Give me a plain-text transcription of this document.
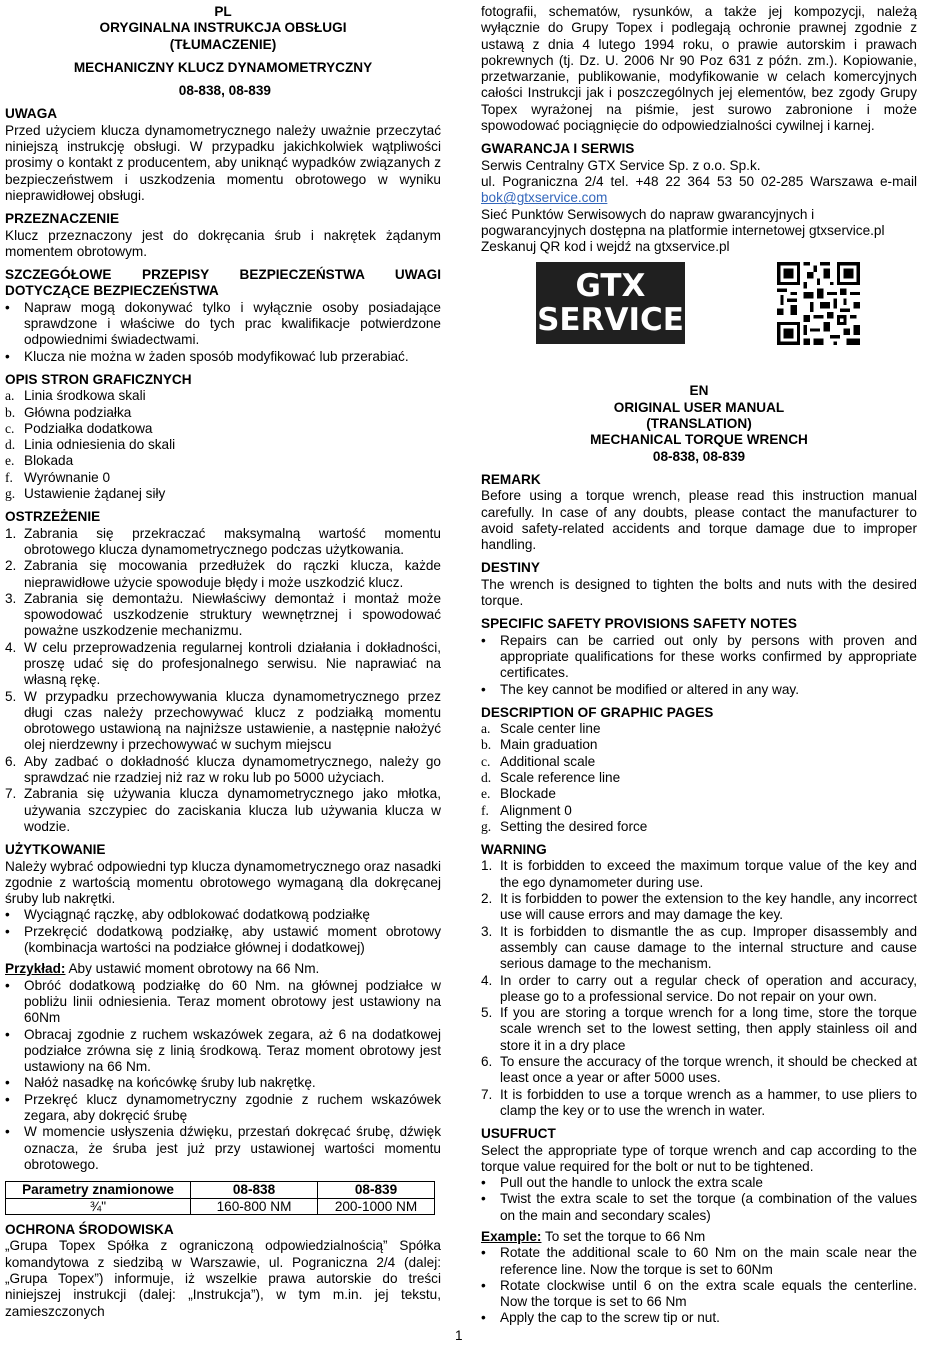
PL

ORYGINALNA INSTRUKCJA OBSŁUGI

(TŁUMACZENIE)

MECHANICZNY KLUCZ DYNAMOMETRYCZNY

08-838, 08-839

UWAGA

Przed użyciem klucza dynamometrycznego należy uważnie przeczytać niniejszą instrukcję obsługi. W przypadku jakichkolwiek wątpliwości prosimy o kontakt z producentem, aby uniknąć wypadków związanych z bezpieczeństwem i uszkodzenia momentu obrotowego w wyniku nieprawidłowej obsługi.

PRZEZNACZENIE

Klucz przeznaczony jest do dokręcania śrub i nakrętek żądanym momentem obrotowym.

SZCZEGÓŁOWE PRZEPISY BEZPIECZEŃSTWA UWAGI

DOTYCZĄCE BEZPIECZEŃSTWA

• Napraw mogą dokonywać tylko i wyłącznie osoby posiadające sprawdzone i właściwe do tych prac kwalifikacje potwierdzone odpowiednimi świadectwami.
• Klucza nie można w żaden sposób modyfikować lub przerabiać.

OPIS STRON GRAFICZNYCH

a. Linia środkowa skali
b. Główna podziałka
c. Podziałka dodatkowa
d. Linia odniesienia do skali
e. Blokada
f. Wyrównanie 0
g. Ustawienie żądanej siły

OSTRZEŻENIE

1. Zabrania się przekraczać maksymalną wartość momentu obrotowego klucza dynamometrycznego podczas użytkowania.
2. Zabrania się mocowania przedłużek do rączki klucza, każde nieprawidłowe użycie spowoduje błędy i może uszkodzić klucz.
3. Zabrania się demontażu. Niewłaściwy demontaż i montaż może spowodować uszkodzenie struktury wewnętrznej i spowodować poważne uszkodzenie mechanizmu.
4. W celu przeprowadzenia regularnej kontroli działania i dokładności, proszę udać się do profesjonalnego serwisu. Nie naprawiać na własną rękę.
5. W przypadku przechowywania klucza dynamometrycznego przez długi czas należy przechowywać klucz z podziałką momentu obrotowego ustawioną na najniższe ustawienie, a następnie nałożyć olej nierdzewny i przechowywać w suchym miejscu
6. Aby zadbać o dokładność klucza dynamometrycznego, należy go sprawdzać nie rzadziej niż raz w roku lub po 5000 użyciach.
7. Zabrania się używania klucza dynamometrycznego jako młotka, używania szczypiec do zaciskania klucza lub używania klucza w wodzie.

UŻYTKOWANIE

Należy wybrać odpowiedni typ klucza dynamometrycznego oraz nasadki zgodnie z wartością momentu obrotowego wymaganą dla dokręcanej śruby lub nakrętki.

• Wyciągnąć rączkę, aby odblokować dodatkową podziałkę
• Przekręcić dodatkową podziałkę, aby ustawić moment obrotowy (kombinacja wartości na podziałce głównej i dodatkowej)

Przykład: Aby ustawić moment obrotowy na 66 Nm.

• Obróć dodatkową podziałkę do 60 Nm. na głównej podziałce w pobliżu linii odniesienia. Teraz moment obrotowy jest ustawiony na 60Nm
• Obracaj zgodnie z ruchem wskazówek zegara, aż 6 na dodatkowej podziałce zrówna się z linią środkową. Teraz moment obrotowy jest ustawiony na 66 Nm.
• Nałóż nasadkę na końcówkę śruby lub nakrętkę.
• Przekręć klucz dynamometryczny zgodnie z ruchem wskazówek zegara, aby dokręcić śrubę
• W momencie usłyszenia dźwięku, przestań dokręcać śrubę, dźwięk oznacza, że śruba jest już przy ustawionej wartości momentu obrotowego.
Parametry znamionowe	08-838	08-839
¾"	160-800 NM	200-1000 NM

OCHRONA ŚRODOWISKA

„Grupa Topex Spółka z ograniczoną odpowiedzialnością” Spółka komandytowa z siedzibą w Warszawie, ul. Pograniczna 2/4 (dalej: „Grupa Topex”) informuje, iż wszelkie prawa autorskie do treści niniejszej instrukcji (dalej: „Instrukcja”), w tym m.in. jej tekstu, zamieszczonych

fotografii, schematów, rysunków, a także jej kompozycji, należą wyłącznie do Grupy Topex i podlegają ochronie prawnej zgodnie z ustawą z dnia 4 lutego 1994 roku, o prawie autorskim i prawach pokrewnych (tj. Dz. U. 2006 Nr 90 Poz 631 z późn. zm.). Kopiowanie, przetwarzanie, publikowanie, modyfikowanie w celach komercyjnych całości Instrukcji jak i poszczególnych jej elementów, bez zgody Grupy Topex wyrażonej na piśmie, jest surowo zabronione i może spowodować pociągnięcie do odpowiedzialności cywilnej i karnej.

GWARANCJA I SERWIS

Serwis Centralny GTX Service Sp. z o.o. Sp.k.

ul. Pograniczna 2/4 tel. +48 22 364 53 50 02-285 Warszawa e-mail

bok@gtxservice.com

Sieć Punktów Serwisowych do napraw gwarancyjnych i pogwarancyjnych dostępna na platformie internetowej gtxservice.pl

Zeskanuj QR kod i wejdź na gtxservice.pl

EN

ORIGINAL USER MANUAL

(TRANSLATION)

MECHANICAL TORQUE WRENCH

08-838, 08-839

REMARK

Before using a torque wrench, please read this instruction manual carefully. In case of any doubts, please contact the manufacturer to avoid safety-related accidents and torque damage due to improper handling.

DESTINY

The wrench is designed to tighten the bolts and nuts with the desired torque.

SPECIFIC SAFETY PROVISIONS SAFETY NOTES

• Repairs can be carried out only by persons with proven and appropriate qualifications for these works confirmed by appropriate certificates.
• The key cannot be modified or altered in any way.

DESCRIPTION OF GRAPHIC PAGES

a. Scale center line
b. Main graduation
c. Additional scale
d. Scale reference line
e. Blockade
f. Alignment 0
g. Setting the desired force

WARNING

1. It is forbidden to exceed the maximum torque value of the key and the ego dynamometer during use.
2. It is forbidden to power the extension to the key handle, any incorrect use will cause errors and may damage the key.
3. It is forbidden to dismantle the as cup. Improper disassembly and assembly can cause damage to the internal structure and cause serious damage to the mechanism.
4. In order to carry out a regular check of operation and accuracy, please go to a professional service. Do not repair on your own.
5. If you are storing a torque wrench for a long time, store the torque scale wrench set to the lowest setting, then apply stainless oil and store it in a dry place
6. To ensure the accuracy of the torque wrench, it should be checked at least once a year or after 5000 uses.
7. It is forbidden to use a torque wrench as a hammer, to use pliers to clamp the key or to use the wrench in water.

USUFRUCT

Select the appropriate type of torque wrench and cap according to the torque value required for the bolt or nut to be tightened.

• Pull out the handle to unlock the extra scale
• Twist the extra scale to set the torque (a combination of the values on the main and secondary scales)

Example: To set the torque to 66 Nm

• Rotate the additional scale to 60 Nm on the main scale near the reference line. Now the torque is set to 60Nm
• Rotate clockwise until 6 on the extra scale equals the centerline. Now the torque is set to 66 Nm
• Apply the cap to the screw tip or nut.
GTX
SERVICE

1
